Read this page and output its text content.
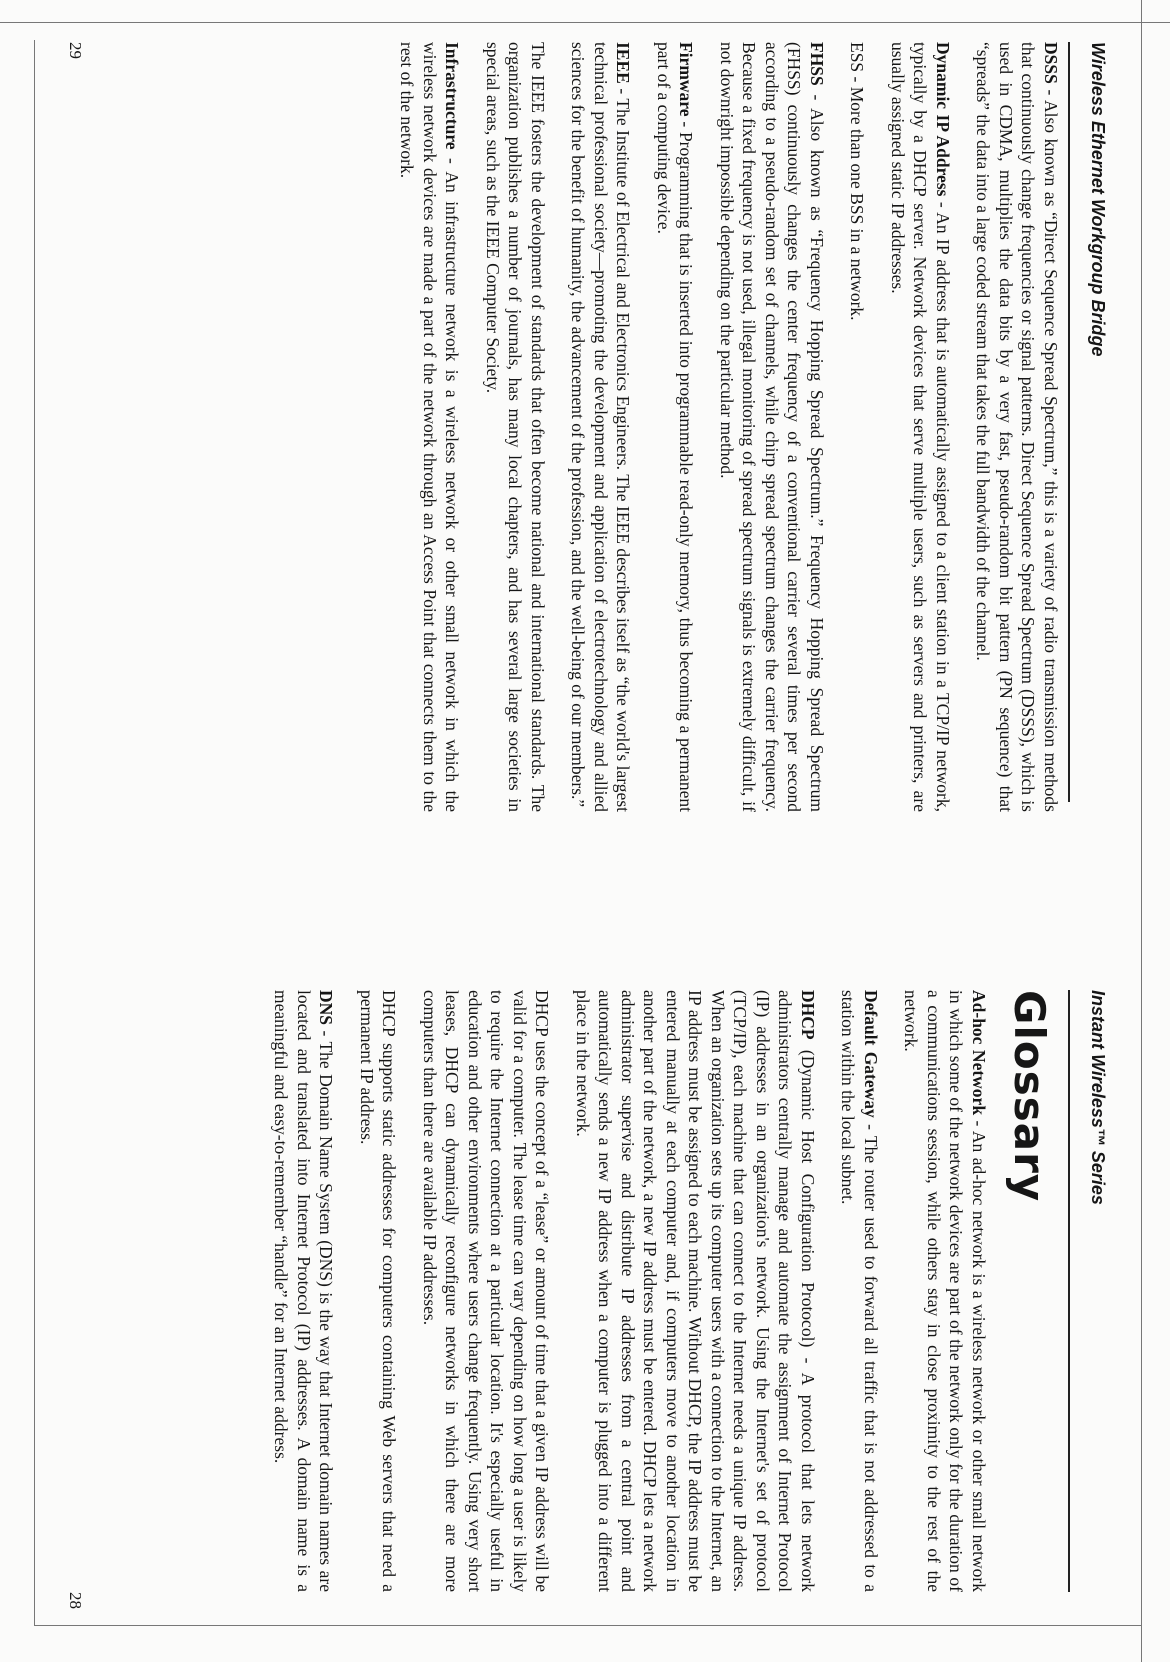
Wireless Ethernet Workgroup Bridge

DSSS - Also known as “Direct Sequence Spread Spectrum,” this is a variety of radio transmission methods that continuously change frequencies or signal patterns. Direct Sequence Spread Spectrum (DSSS), which is used in CDMA, multiplies the data bits by a very fast, pseudo-random bit pattern (PN sequence) that “spreads” the data into a large coded stream that takes the full bandwidth of the channel.

Dynamic IP Address - An IP address that is automatically assigned to a client station in a TCP/IP network, typically by a DHCP server. Network devices that serve multiple users, such as servers and printers, are usually assigned static IP addresses.

ESS - More than one BSS in a network.

FHSS - Also known as “Frequency Hopping Spread Spectrum.” Frequency Hopping Spread Spectrum (FHSS) continuously changes the center frequency of a conventional carrier several times per second according to a pseudo-random set of channels, while chirp spread spectrum changes the carrier frequency. Because a fixed frequency is not used, illegal monitoring of spread spectrum signals is extremely difficult, if not downright impossible depending on the particular method.

Firmware - Programming that is inserted into programmable read-only memory, thus becoming a permanent part of a computing device.

IEEE - The Institute of Electrical and Electronics Engineers. The IEEE describes itself as “the world's largest technical professional society—promoting the development and application of electrotechnology and allied sciences for the benefit of humanity, the advancement of the profession, and the well-being of our members.”

The IEEE fosters the development of standards that often become national and international standards. The organization publishes a number of journals, has many local chapters, and has several large societies in special areas, such as the IEEE Computer Society.

Infrastructure - An infrastructure network is a wireless network or other small network in which the wireless network devices are made a part of the network through an Access Point that connects them to the rest of the network.

29
Instant Wireless™ Series
Glossary

Ad-hoc Network - An ad-hoc network is a wireless network or other small network in which some of the network devices are part of the network only for the duration of a communications session, while others stay in close proximity to the rest of the network.

Default Gateway - The router used to forward all traffic that is not addressed to a station within the local subnet.

DHCP (Dynamic Host Configuration Protocol) - A protocol that lets network administrators centrally manage and automate the assignment of Internet Protocol (IP) addresses in an organization's network. Using the Internet's set of protocol (TCP/IP), each machine that can connect to the Internet needs a unique IP address. When an organization sets up its computer users with a connection to the Internet, an IP address must be assigned to each machine. Without DHCP, the IP address must be entered manually at each computer and, if computers move to another location in another part of the network, a new IP address must be entered. DHCP lets a network administrator supervise and distribute IP addresses from a central point and automatically sends a new IP address when a computer is plugged into a different place in the network.

DHCP uses the concept of a “lease” or amount of time that a given IP address will be valid for a computer. The lease time can vary depending on how long a user is likely to require the Internet connection at a particular location. It's especially useful in education and other environments where users change frequently. Using very short leases, DHCP can dynamically reconfigure networks in which there are more computers than there are available IP addresses.

DHCP supports static addresses for computers containing Web servers that need a permanent IP address.

DNS - The Domain Name System (DNS) is the way that Internet domain names are located and translated into Internet Protocol (IP) addresses. A domain name is a meaningful and easy-to-remember “handle” for an Internet address.

28
